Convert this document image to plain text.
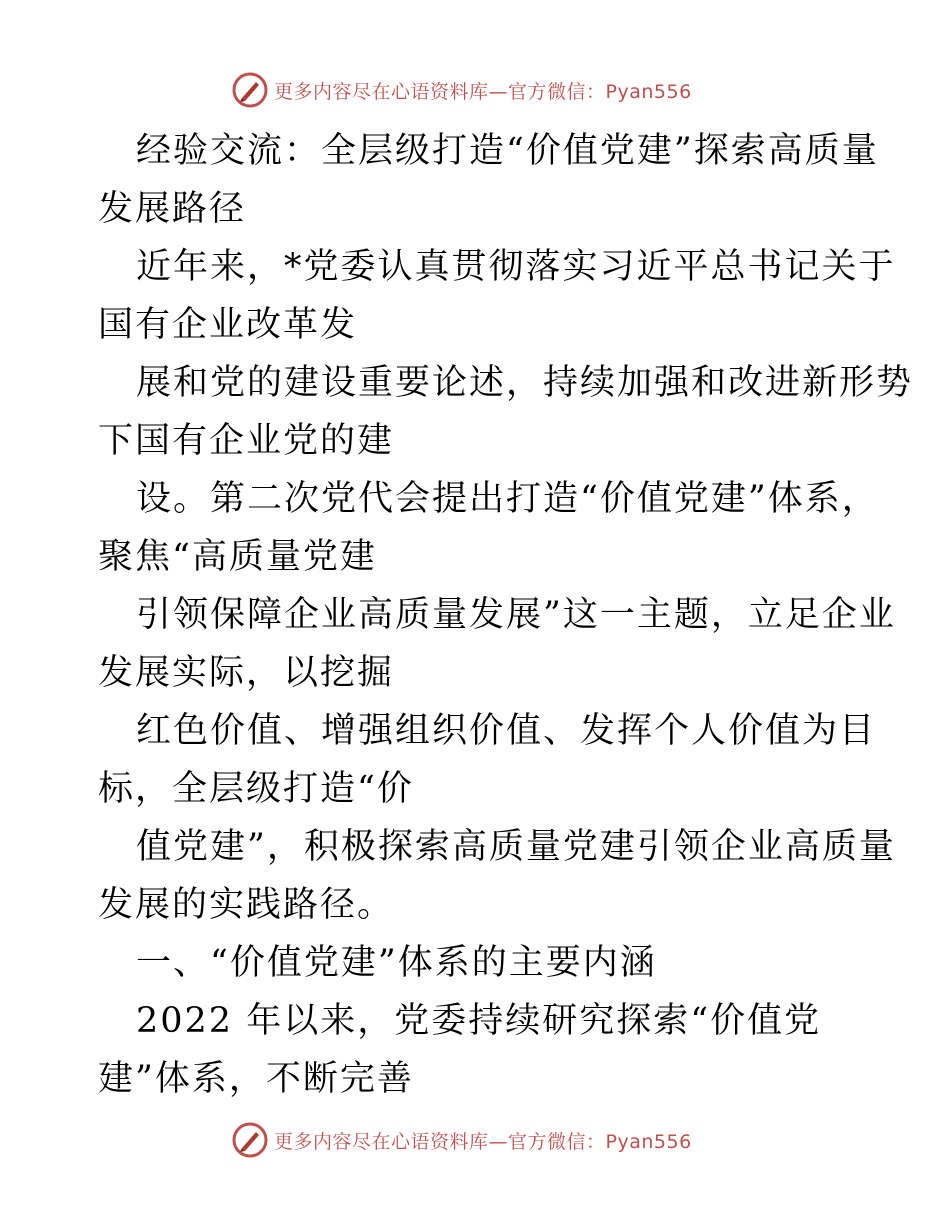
更多内容尽在心语资料库—官方微信：Pyan556
经验交流：全层级打造“价值党建”探索高质量
发展路径
近年来，*党委认真贯彻落实习近平总书记关于
国有企业改革发
展和党的建设重要论述，持续加强和改进新形势
下国有企业党的建
设。第二次党代会提出打造“价值党建”体系，
聚焦“高质量党建
引领保障企业高质量发展”这一主题，立足企业
发展实际，以挖掘
红色价值、增强组织价值、发挥个人价值为目
标，全层级打造“价
值党建”，积极探索高质量党建引领企业高质量
发展的实践路径。
一、“价值党建”体系的主要内涵
2022 年以来，党委持续研究探索“价值党
建”体系，不断完善
更多内容尽在心语资料库—官方微信：Pyan556
